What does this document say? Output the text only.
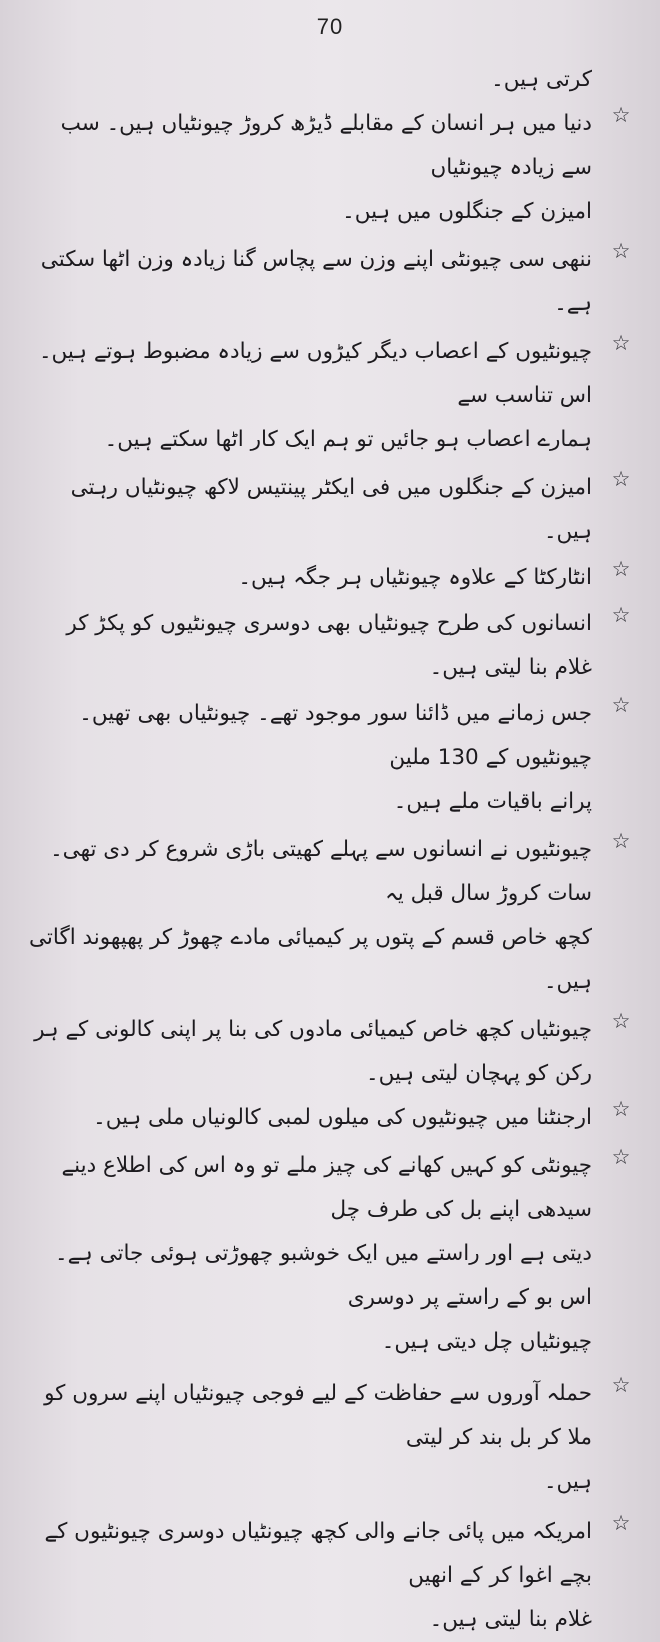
70
کرتی ہیں۔
☆
دنیا میں ہر انسان کے مقابلے ڈیڑھ کروڑ چیونٹیاں ہیں۔ سب سے زیادہ چیونٹیاں
امیزن کے جنگلوں میں ہیں۔
☆
ننھی سی چیونٹی اپنے وزن سے پچاس گنا زیادہ وزن اٹھا سکتی ہے۔
☆
چیونٹیوں کے اعصاب دیگر کیڑوں سے زیادہ مضبوط ہوتے ہیں۔ اس تناسب سے
ہمارے اعصاب ہو جائیں تو ہم ایک کار اٹھا سکتے ہیں۔
☆
امیزن کے جنگلوں میں فی ایکٹر پینتیس لاکھ چیونٹیاں رہتی ہیں۔
☆
انٹارکٹا کے علاوہ چیونٹیاں ہر جگہ ہیں۔
☆
انسانوں کی طرح چیونٹیاں بھی دوسری چیونٹیوں کو پکڑ کر غلام بنا لیتی ہیں۔
☆
جس زمانے میں ڈائنا سور موجود تھے۔ چیونٹیاں بھی تھیں۔ چیونٹیوں کے 130 ملین
پرانے باقیات ملے ہیں۔
☆
چیونٹیوں نے انسانوں سے پہلے کھیتی باڑی شروع کر دی تھی۔ سات کروڑ سال قبل یہ
کچھ خاص قسم کے پتوں پر کیمیائی مادے چھوڑ کر پھپھوند اگاتی ہیں۔
☆
چیونٹیاں کچھ خاص کیمیائی مادوں کی بنا پر اپنی کالونی کے ہر رکن کو پہچان لیتی ہیں۔
☆
ارجنٹنا میں چیونٹیوں کی میلوں لمبی کالونیاں ملی ہیں۔
☆
چیونٹی کو کہیں کھانے کی چیز ملے تو وہ اس کی اطلاع دینے سیدھی اپنے بل کی طرف چل
دیتی ہے اور راستے میں ایک خوشبو چھوڑتی ہوئی جاتی ہے۔ اس بو کے راستے پر دوسری
چیونٹیاں چل دیتی ہیں۔
☆
حملہ آوروں سے حفاظت کے لیے فوجی چیونٹیاں اپنے سروں کو ملا کر بل بند کر لیتی
ہیں۔
☆
امریکہ میں پائی جانے والی کچھ چیونٹیاں دوسری چیونٹیوں کے بچے اغوا کر کے انھیں
غلام بنا لیتی ہیں۔
